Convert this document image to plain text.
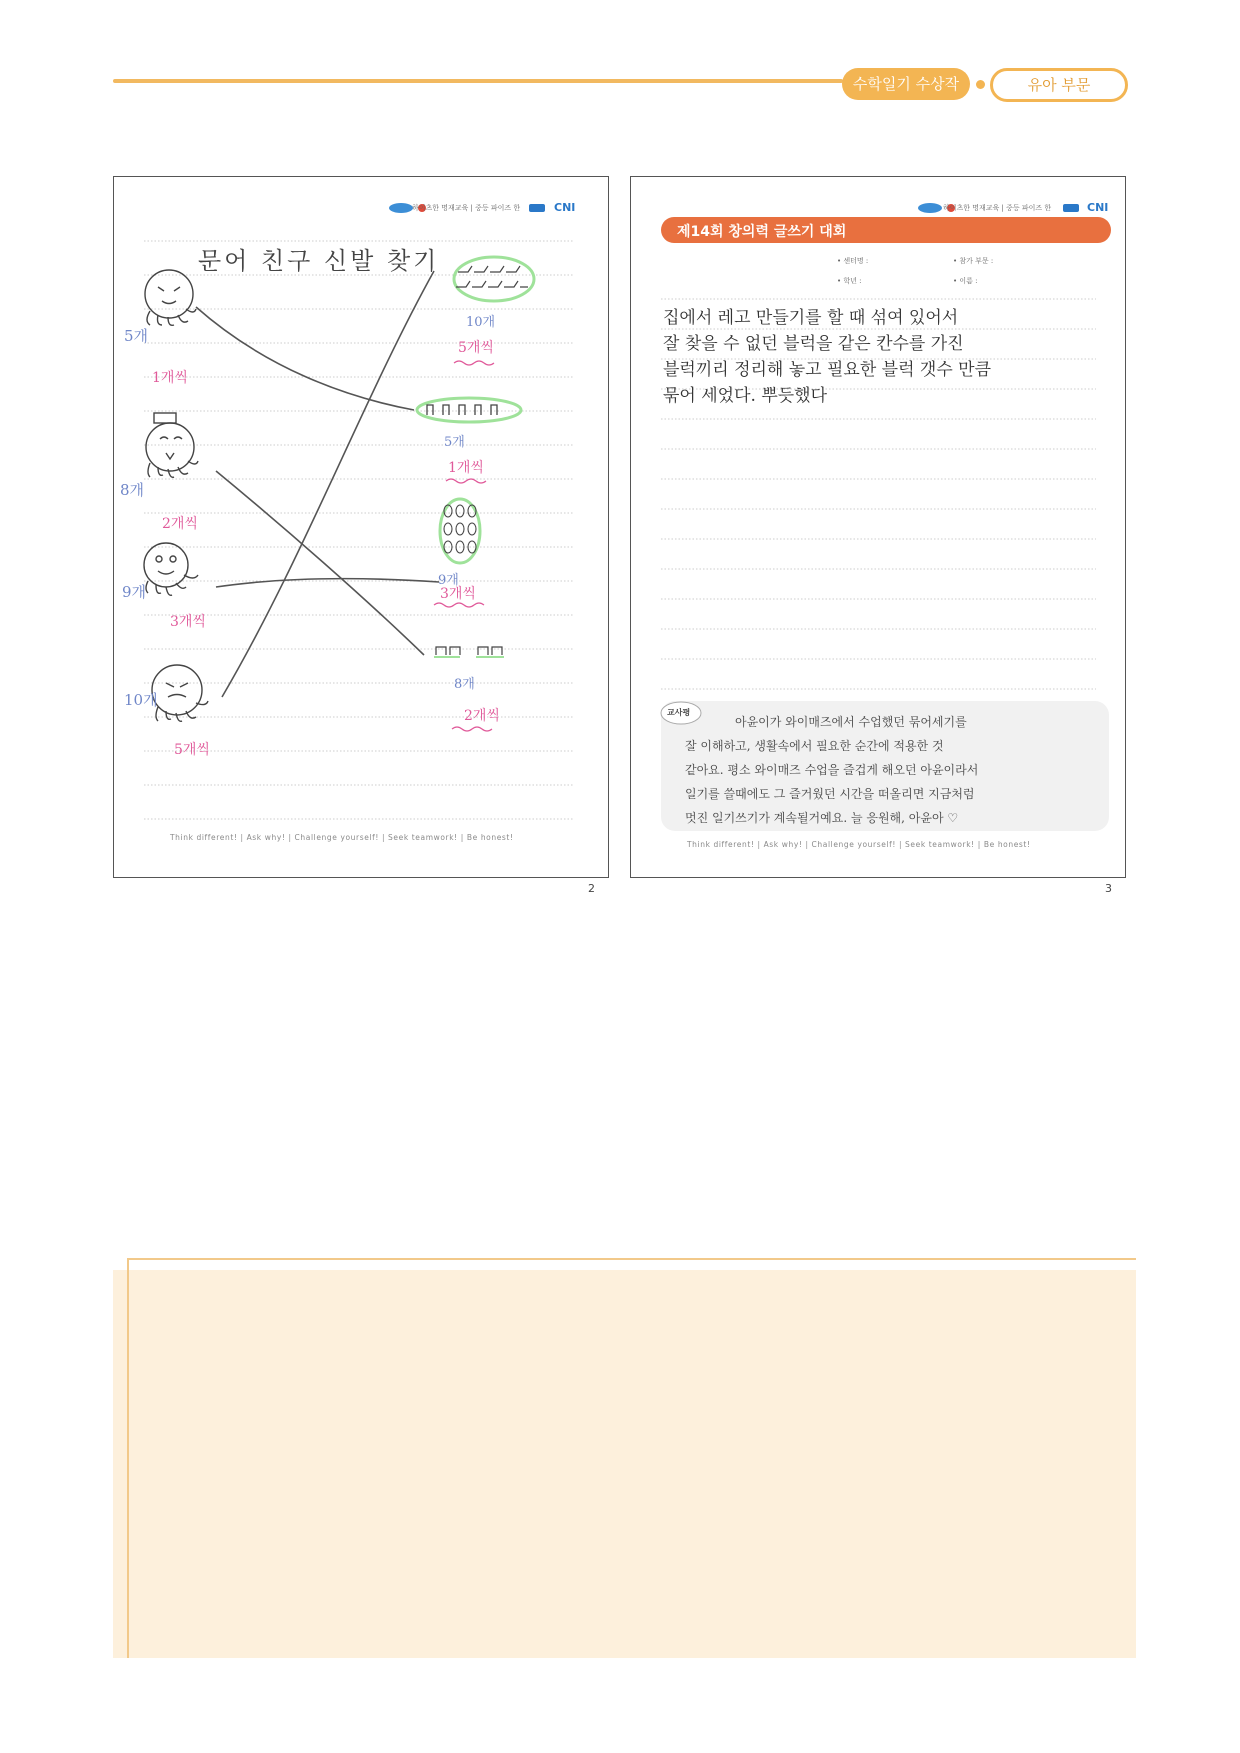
수학일기 수상작	유아 부문
하이츠한 명재교육 | 중등 파이즈 한	CNI
문어 친구 신발 찾기
5개
1개씩
8개
2개씩
9개
3개씩
10개
5개씩
10개
5개씩
5개
1개씩
9개
3개씩
8개
2개씩
Think different! | Ask why! | Challenge yourself! | Seek teamwork! | Be honest!
2
하이츠한 명재교육 | 중등 파이즈 한	CNI
제14회 창의력 글쓰기 대회
• 센터명 :	• 참가 부문 :
• 학년 :	• 이름 :
집에서 레고 만들기를 할 때 섞여 있어서
잘 찾을 수 없던 블럭을 같은 칸수를 가진
블럭끼리 정리해 놓고 필요한 블럭 갯수 만큼
묶어 세었다. 뿌듯했다
교사평
아윤이가 와이매즈에서 수업했던 묶어세기를
잘 이해하고, 생활속에서 필요한 순간에 적용한 것
같아요. 평소 와이매즈 수업을 즐겁게 해오던 아윤이라서
일기를 쓸때에도 그 즐거웠던 시간을 떠올리면 지금처럼
멋진 일기쓰기가 계속될거예요. 늘 응원해, 아윤아 ♡
Think different! | Ask why! | Challenge yourself! | Seek teamwork! | Be honest!
3
